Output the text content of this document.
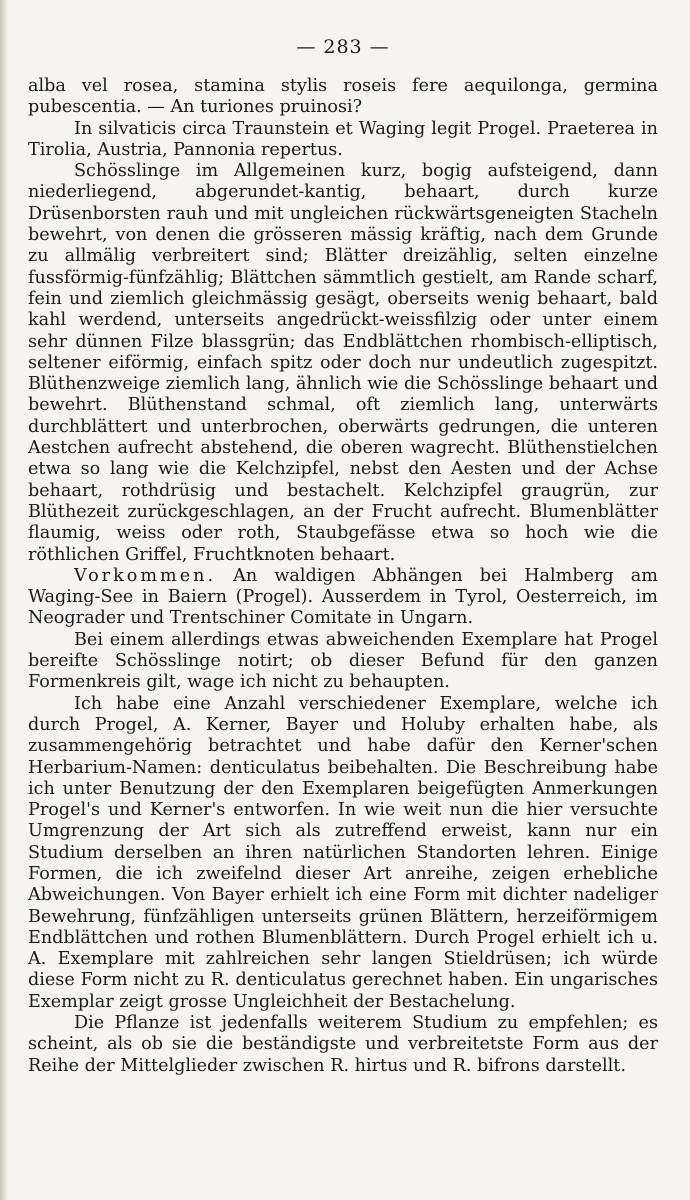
— 283 —

alba vel rosea, stamina stylis roseis fere aequilonga, germina pubescentia. — An turiones pruinosi?

In silvaticis circa Traunstein et Waging legit Progel. Praeterea in Tirolia, Austria, Pannonia repertus.

Schösslinge im Allgemeinen kurz, bogig aufsteigend, dann niederliegend, abgerundet-kantig, behaart, durch kurze Drüsenborsten rauh und mit ungleichen rückwärtsgeneigten Stacheln bewehrt, von denen die grösseren mässig kräftig, nach dem Grunde zu allmälig verbreitert sind; Blätter dreizählig, selten einzelne fussförmig-fünfzählig; Blättchen sämmtlich gestielt, am Rande scharf, fein und ziemlich gleichmässig gesägt, oberseits wenig behaart, bald kahl werdend, unterseits angedrückt-weissfilzig oder unter einem sehr dünnen Filze blassgrün; das Endblättchen rhombisch-elliptisch, seltener eiförmig, einfach spitz oder doch nur undeutlich zugespitzt. Blüthenzweige ziemlich lang, ähnlich wie die Schösslinge behaart und bewehrt. Blüthenstand schmal, oft ziemlich lang, unterwärts durchblättert und unterbrochen, oberwärts gedrungen, die unteren Aestchen aufrecht abstehend, die oberen wagrecht. Blüthenstielchen etwa so lang wie die Kelchzipfel, nebst den Aesten und der Achse behaart, rothdrüsig und bestachelt. Kelchzipfel graugrün, zur Blüthezeit zurückgeschlagen, an der Frucht aufrecht. Blumenblätter flaumig, weiss oder roth, Staubgefässe etwa so hoch wie die röthlichen Griffel, Fruchtknoten behaart.

Vorkommen. An waldigen Abhängen bei Halmberg am Waging-See in Baiern (Progel). Ausserdem in Tyrol, Oesterreich, im Neograder und Trentschiner Comitate in Ungarn.

Bei einem allerdings etwas abweichenden Exemplare hat Progel bereifte Schösslinge notirt; ob dieser Befund für den ganzen Formenkreis gilt, wage ich nicht zu behaupten.

Ich habe eine Anzahl verschiedener Exemplare, welche ich durch Progel, A. Kerner, Bayer und Holuby erhalten habe, als zusammengehörig betrachtet und habe dafür den Kerner'schen Herbarium-Namen: denticulatus beibehalten. Die Beschreibung habe ich unter Benutzung der den Exemplaren beigefügten Anmerkungen Progel's und Kerner's entworfen. In wie weit nun die hier versuchte Umgrenzung der Art sich als zutreffend erweist, kann nur ein Studium derselben an ihren natürlichen Standorten lehren. Einige Formen, die ich zweifelnd dieser Art anreihe, zeigen erhebliche Abweichungen. Von Bayer erhielt ich eine Form mit dichter nadeliger Bewehrung, fünfzähligen unterseits grünen Blättern, herzeiförmigem Endblättchen und rothen Blumenblättern. Durch Progel erhielt ich u. A. Exemplare mit zahlreichen sehr langen Stieldrüsen; ich würde diese Form nicht zu R. denticulatus gerechnet haben. Ein ungarisches Exemplar zeigt grosse Ungleichheit der Bestachelung.

Die Pflanze ist jedenfalls weiterem Studium zu empfehlen; es scheint, als ob sie die beständigste und verbreitetste Form aus der Reihe der Mittelglieder zwischen R. hirtus und R. bifrons darstellt.
